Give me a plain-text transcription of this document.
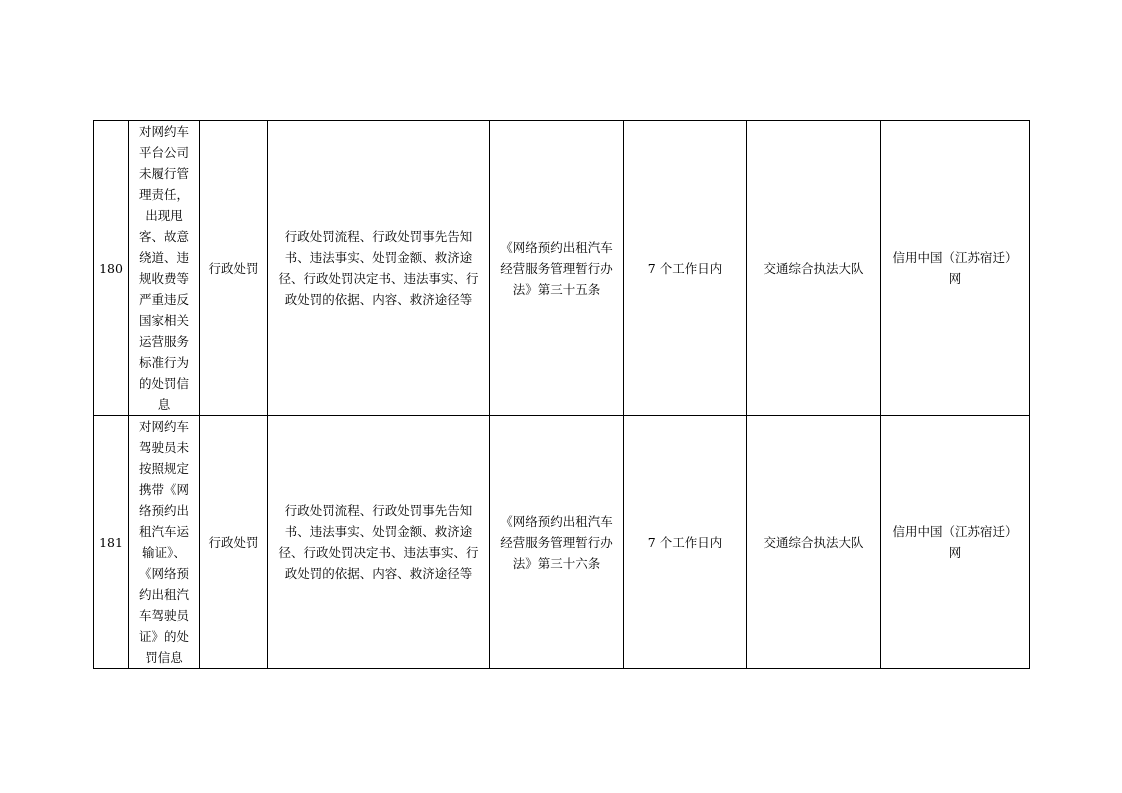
180	对网约车平台公司未履行管理责任，出现甩客、故意绕道、违规收费等严重违反国家相关运营服务标准行为的处罚信息	行政处罚	行政处罚流程、行政处罚事先告知书、违法事实、处罚金额、救济途径、行政处罚决定书、违法事实、行政处罚的依据、内容、救济途径等	《网络预约出租汽车经营服务管理暂行办法》第三十五条	7 个工作日内	交通综合执法大队	信用中国（江苏宿迁）网

181	对网约车驾驶员未按照规定携带《网络预约出租汽车运输证》、《网络预约出租汽车驾驶员证》的处罚信息	行政处罚	行政处罚流程、行政处罚事先告知书、违法事实、处罚金额、救济途径、行政处罚决定书、违法事实、行政处罚的依据、内容、救济途径等	《网络预约出租汽车经营服务管理暂行办法》第三十六条	7 个工作日内	交通综合执法大队	信用中国（江苏宿迁）网
